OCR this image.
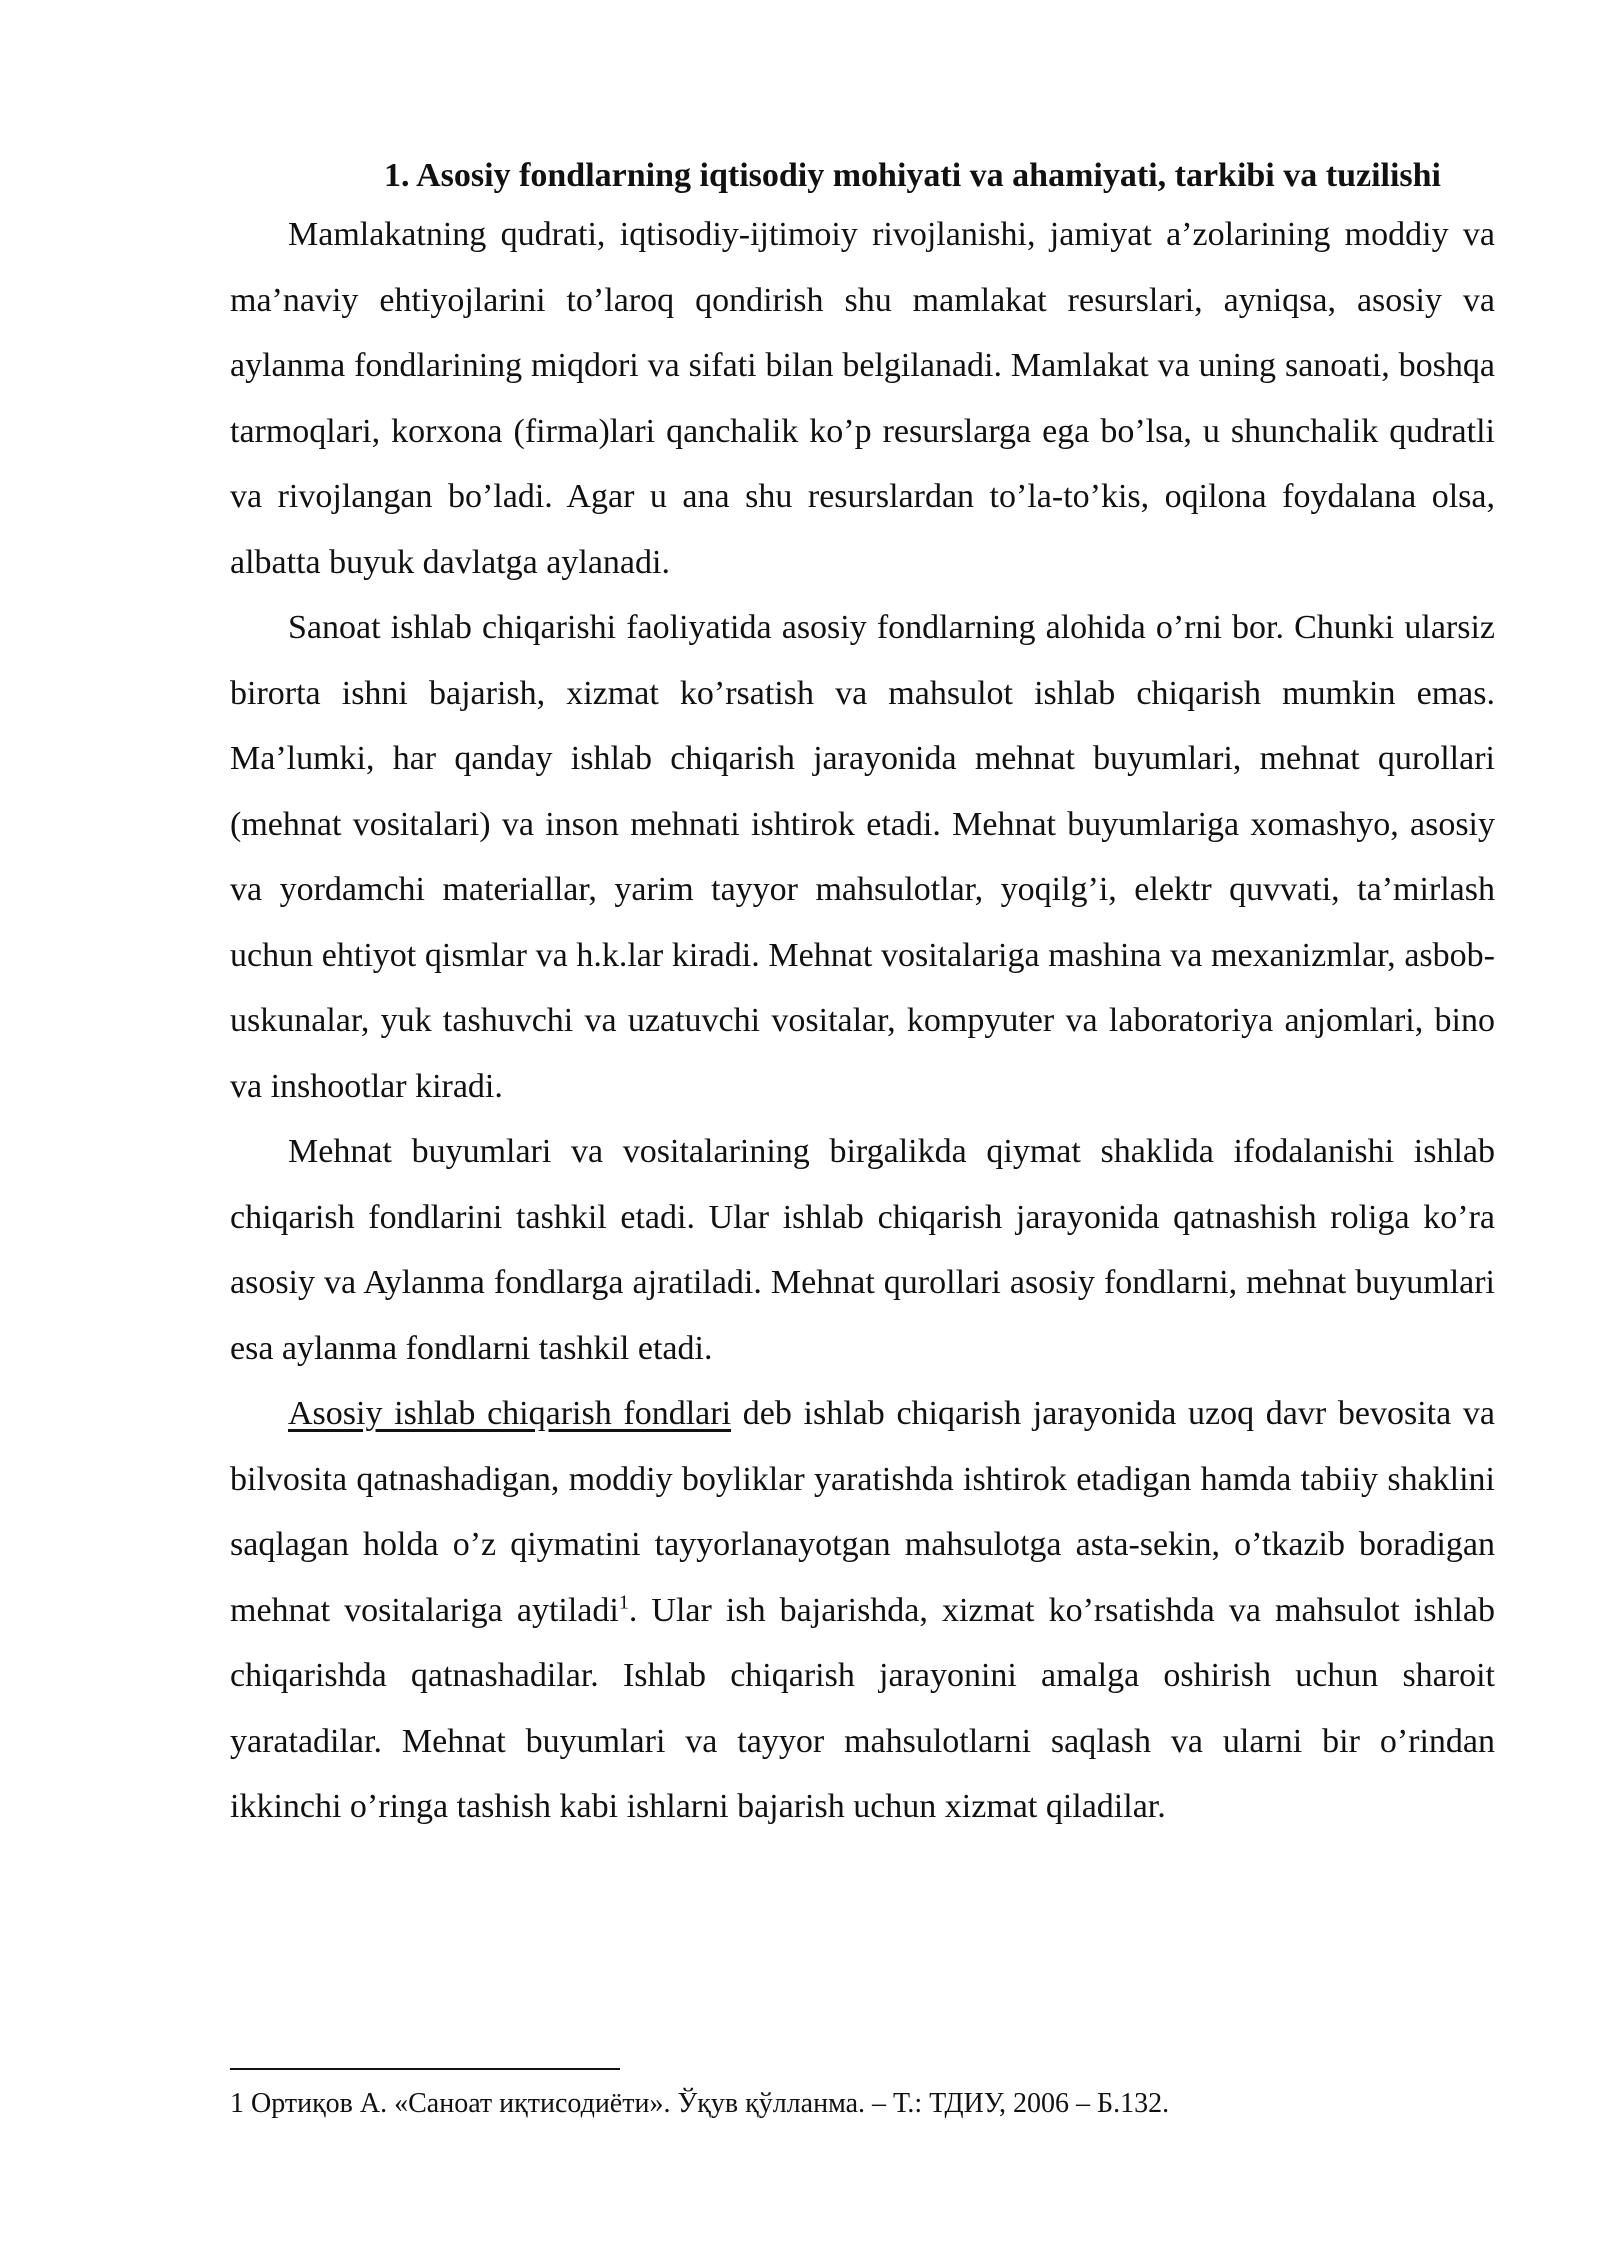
1. Asosiy fondlarning iqtisodiy mohiyati va ahamiyati, tarkibi va tuzilishi

Mamlakatning qudrati, iqtisodiy-ijtimoiy rivojlanishi, jamiyat a’zolarining moddiy va ma’naviy ehtiyojlarini to’laroq qondirish shu mamlakat resurslari, ayniqsa, asosiy va aylanma fondlarining miqdori va sifati bilan belgilanadi. Mamlakat va uning sanoati, boshqa tarmoqlari, korxona (firma)lari qanchalik ko’p resurslarga ega bo’lsa, u shunchalik qudratli va rivojlangan bo’ladi. Agar u ana shu resurslardan to’la-to’kis, oqilona foydalana olsa, albatta buyuk davlatga aylanadi.

Sanoat ishlab chiqarishi faoliyatida asosiy fondlarning alohida o’rni bor. Chunki ularsiz birorta ishni bajarish, xizmat ko’rsatish va mahsulot ishlab chiqarish mumkin emas. Ma’lumki, har qanday ishlab chiqarish jarayonida mehnat buyumlari, mehnat qurollari (mehnat vositalari) va inson mehnati ishtirok etadi. Mehnat buyumlariga xomashyo, asosiy va yordamchi materiallar, yarim tayyor mahsulotlar, yoqilg’i, elektr quvvati, ta’mirlash uchun ehtiyot qismlar va h.k.lar kiradi. Mehnat vositalariga mashina va mexanizmlar, asbob-uskunalar, yuk tashuvchi va uzatuvchi vositalar, kompyuter va laboratoriya anjomlari, bino va inshootlar kiradi.

Mehnat buyumlari va vositalarining birgalikda qiymat shaklida ifodalanishi ishlab chiqarish fondlarini tashkil etadi. Ular ishlab chiqarish jarayonida qatnashish roliga ko’ra asosiy va Aylanma fondlarga ajratiladi. Mehnat qurollari asosiy fondlarni, mehnat buyumlari esa aylanma fondlarni tashkil etadi.

Asosiy ishlab chiqarish fondlari deb ishlab chiqarish jarayonida uzoq davr bevosita va bilvosita qatnashadigan, moddiy boyliklar yaratishda ishtirok etadigan hamda tabiiy shaklini saqlagan holda o’z qiymatini tayyorlanayotgan mahsulotga asta-sekin, o’tkazib boradigan mehnat vositalariga aytiladi$^1$. Ular ish bajarishda, xizmat ko’rsatishda va mahsulot ishlab chiqarishda qatnashadilar. Ishlab chiqarish jarayonini amalga oshirish uchun sharoit yaratadilar. Mehnat buyumlari va tayyor mahsulotlarni saqlash va ularni bir o’rindan ikkinchi o’ringa tashish kabi ishlarni bajarish uchun xizmat qiladilar.

1 Ортиқов А. «Саноат иқтисодиёти». Ўқув қўлланма. – Т.: ТДИУ, 2006 – Б.132.
